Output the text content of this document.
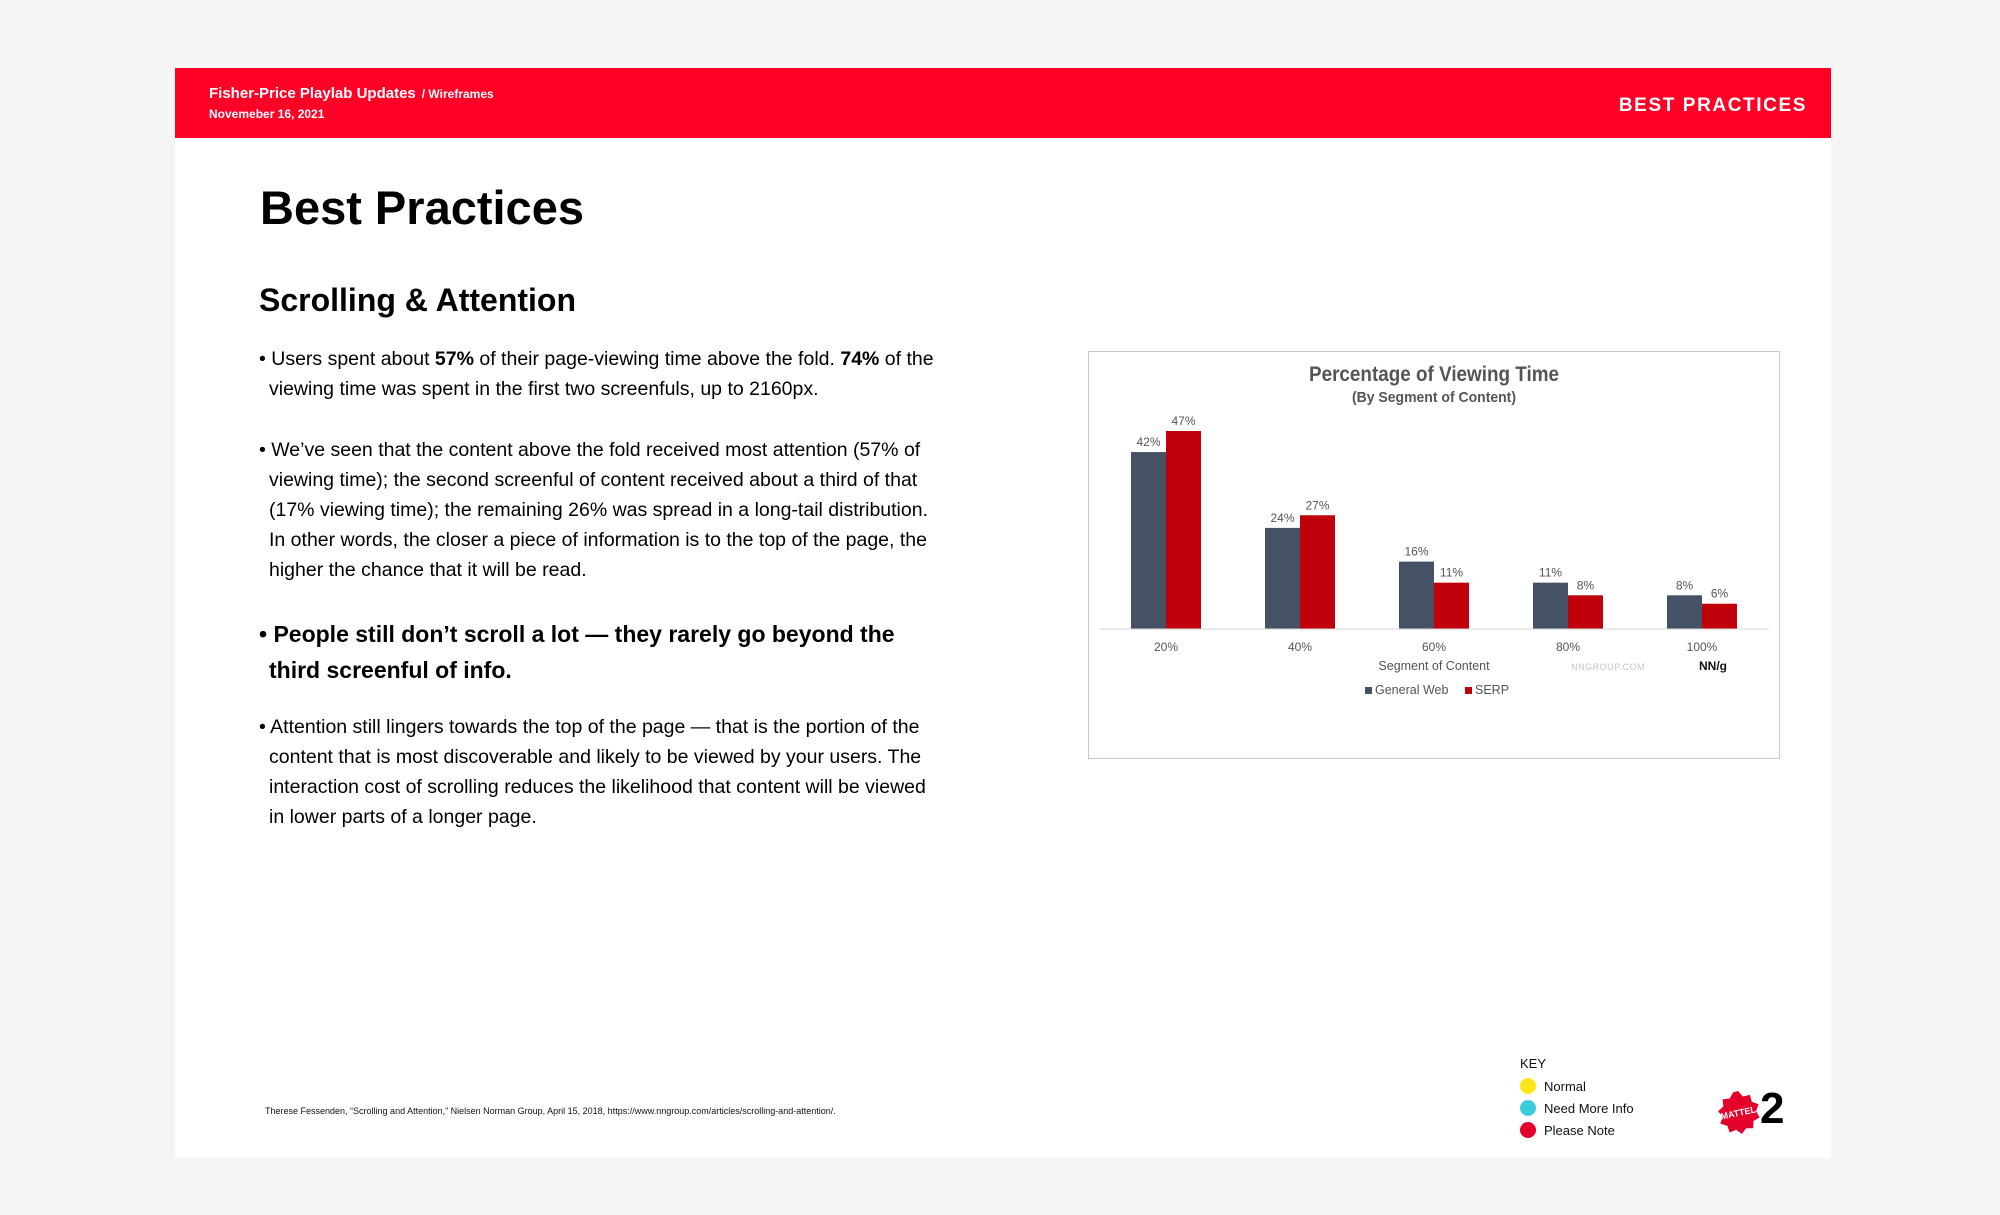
Fisher-Price Playlab Updates / Wireframes
Novemeber 16, 2021	BEST PRACTICES
Best Practices
Scrolling & Attention
• Users spent about 57% of their page-viewing time above the fold. 74% of the viewing time was spent in the first two screenfuls, up to 2160px.
• We’ve seen that the content above the fold received most attention (57% of viewing time); the second screenful of content received about a third of that (17% viewing time); the remaining 26% was spread in a long-tail distribution. In other words, the closer a piece of information is to the top of the page, the higher the chance that it will be read.
• People still don’t scroll a lot — they rarely go beyond the third screenful of info.
• Attention still lingers towards the top of the page — that is the portion of the content that is most discoverable and likely to be viewed by your users. The interaction cost of scrolling reduces the likelihood that content will be viewed in lower parts of a longer page.
Percentage of Viewing Time
(By Segment of Content)
42%
47%
20%
24%
27%
40%
16%
11%
60%
11%
8%
80%
8%
6%
100%
Segment of Content	NNGROUP.COM	NN/g
General Web SERP
Therese Fessenden, “Scrolling and Attention,” Nielsen Norman Group, April 15, 2018, https://www.nngroup.com/articles/scrolling-and-attention/.
KEY
Normal
Need More Info
Please Note
MATTEL 2
